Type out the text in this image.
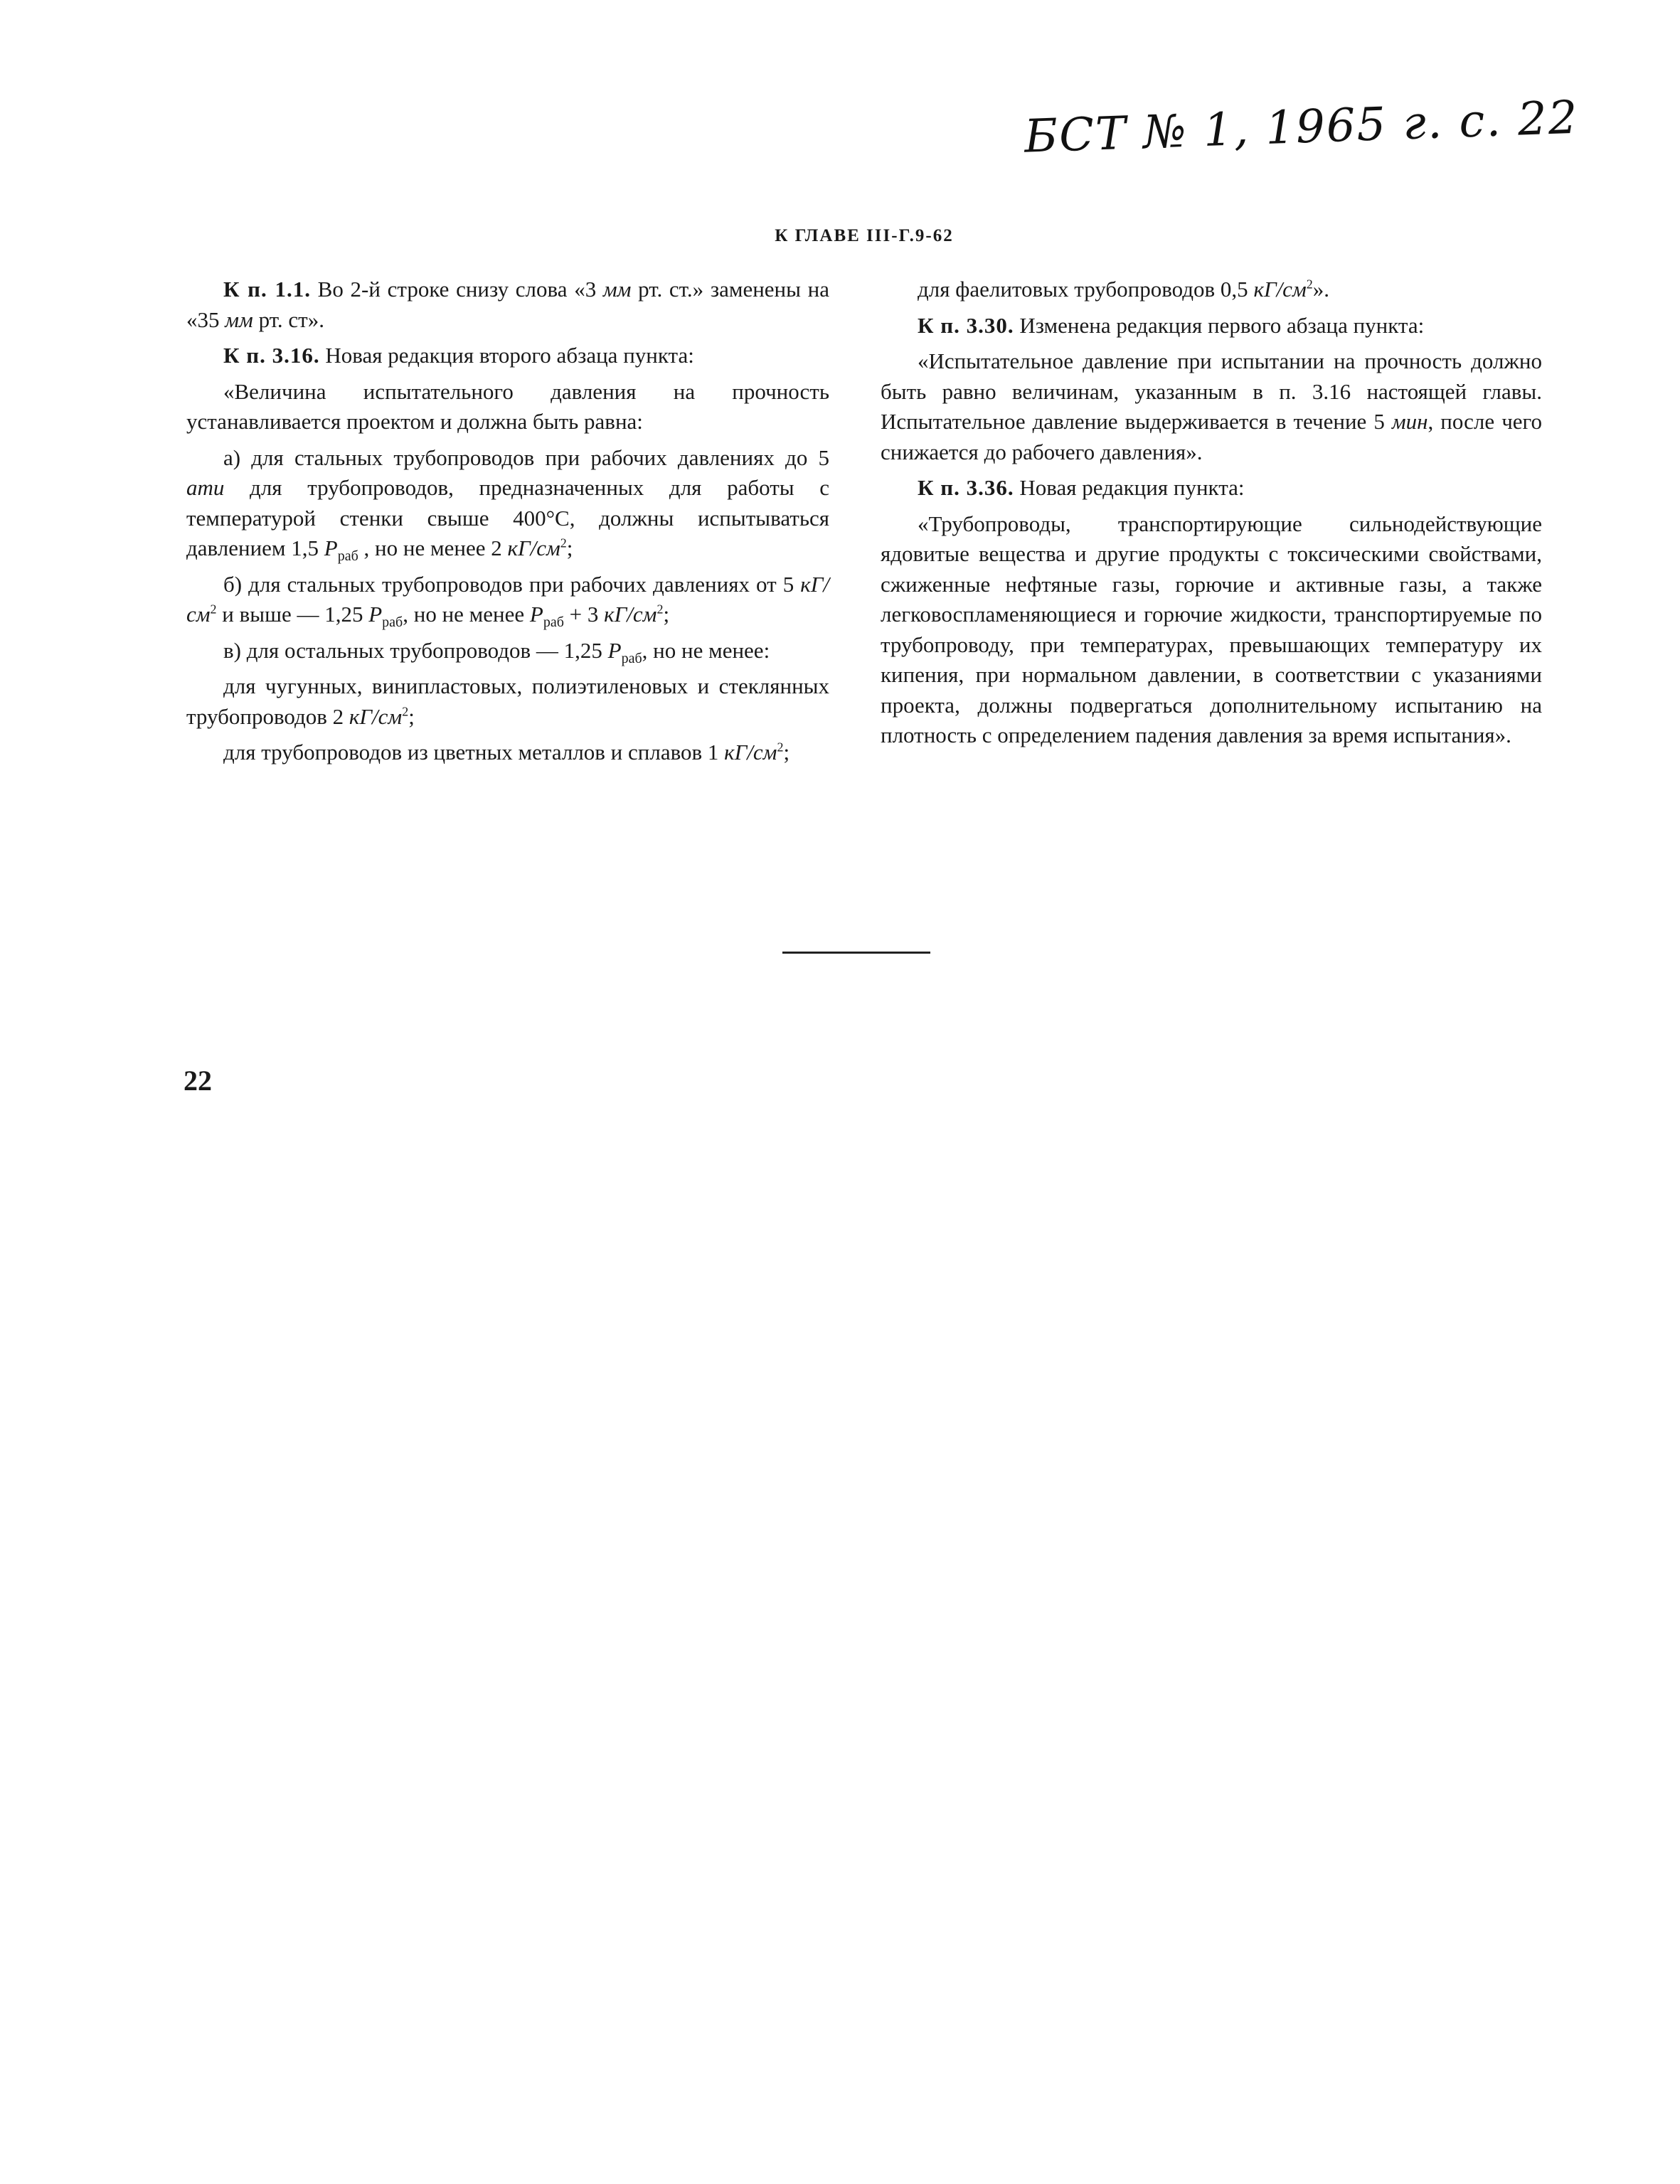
БСТ № 1, 1965 г. с. 22
К ГЛАВЕ III-Г.9-62

К п. 1.1. Во 2-й строке снизу слова «3 мм рт. ст.» заменены на «35 мм рт. ст».

К п. 3.16. Новая редакция второго абзаца пункта:

«Величина испытательного давления на прочность устанавливается проектом и должна быть равна:

а) для стальных трубопроводов при рабочих давлениях до 5 ати для трубопроводов, предназначенных для работы с температурой стенки свыше 400°С, должны испытываться давлением 1,5 $P_{раб}$ , но не менее 2 $кГ/см^2$;

б) для стальных трубопроводов при рабочих давлениях от 5 $кГ/см^2$ и выше — 1,25 $P_{раб}$, но не менее $P_{раб} + 3$ $кГ/см^2$;

в) для остальных трубопроводов — 1,25 $P_{раб}$, но не менее:

для чугунных, винипластовых, полиэтиленовых и стеклянных трубопроводов 2 $кГ/см^2$;

для трубопроводов из цветных металлов и сплавов 1 $кГ/см^2$;

для фаелитовых трубопроводов 0,5 $кГ/см^2$».

К п. 3.30. Изменена редакция первого абзаца пункта:

«Испытательное давление при испытании на прочность должно быть равно величинам, указанным в п. 3.16 настоящей главы. Испытательное давление выдерживается в течение 5 мин, после чего снижается до рабочего давления».

К п. 3.36. Новая редакция пункта:

«Трубопроводы, транспортирующие сильнодействующие ядовитые вещества и другие продукты с токсическими свойствами, сжиженные нефтяные газы, горючие и активные газы, а также легковоспламеняющиеся и горючие жидкости, транспортируемые по трубопроводу, при температурах, превышающих температуру их кипения, при нормальном давлении, в соответствии с указаниями проекта, должны подвергаться дополнительному испытанию на плотность с определением падения давления за время испытания».

22
